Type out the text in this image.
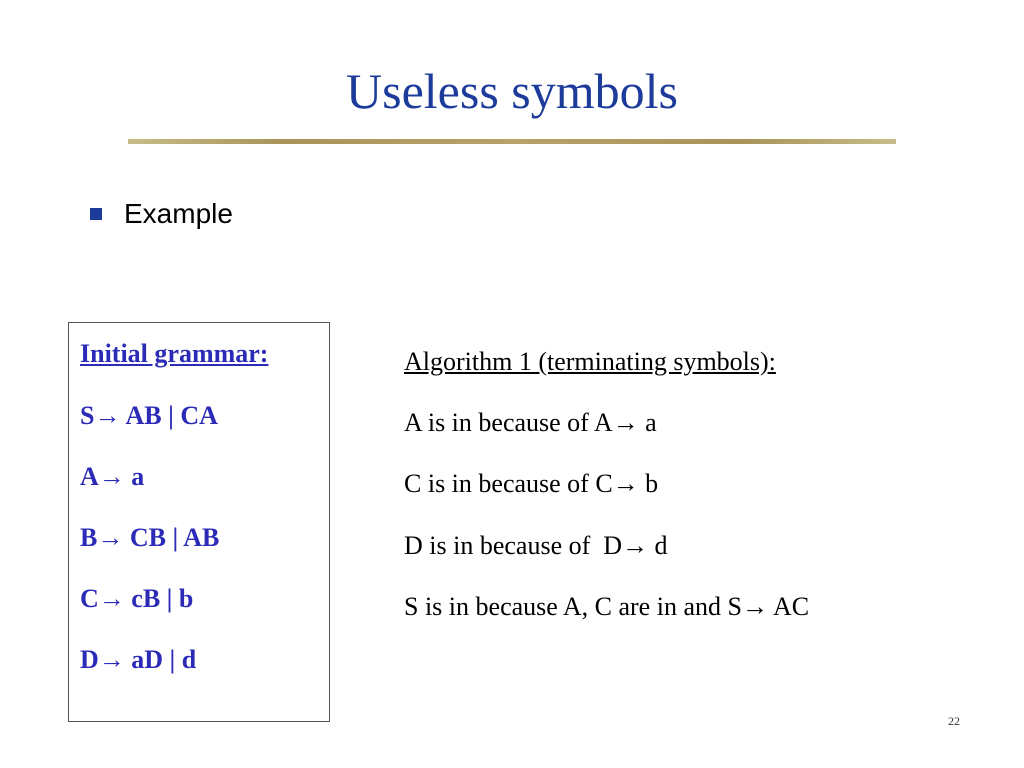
Useless symbols
Example
Initial grammar:
S→ AB | CA
A→ a
B→ CB | AB
C→ cB | b
D→ aD | d
Algorithm 1 (terminating symbols):
A is in because of A→ a
C is in because of C→ b
D is in because of  D→ d
S is in because A, C are in and S→ AC
22
